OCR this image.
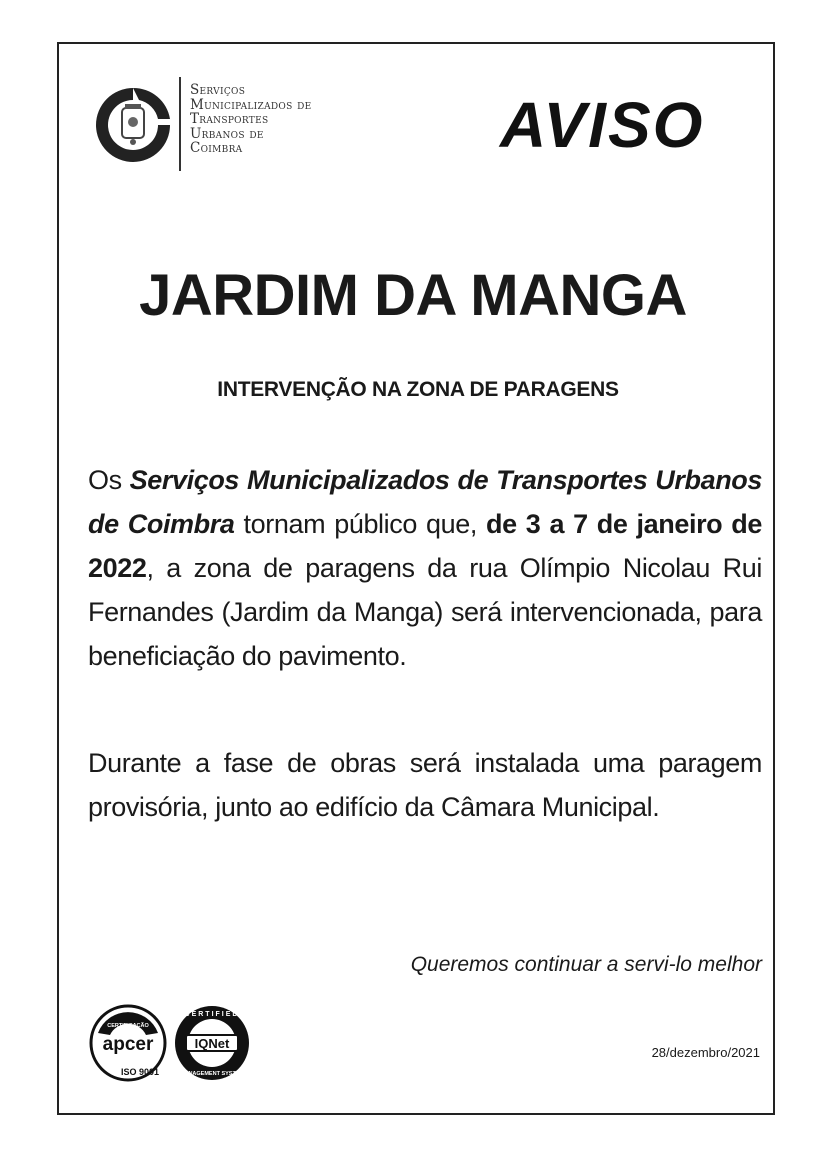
Serviços
Municipalizados de
Transportes
Urbanos de
Coimbra	AVISO
JARDIM DA MANGA
INTERVENÇÃO NA ZONA DE PARAGENS
Os Serviços Municipalizados de Transportes Urbanos de Coimbra tornam público que, de 3 a 7 de janeiro de 2022, a zona de paragens da rua Olímpio Nicolau Rui Fernandes (Jardim da Manga) será intervencionada, para beneficiação do pavimento.
Durante a fase de obras será instalada uma paragem provisória, junto ao edifício da Câmara Municipal.
Queremos continuar a servi-lo melhor
apcer
ISO 9001
CERTIFICAÇÃO
IQNet
CERTIFIED
MANAGEMENT SYSTEM
28/dezembro/2021
